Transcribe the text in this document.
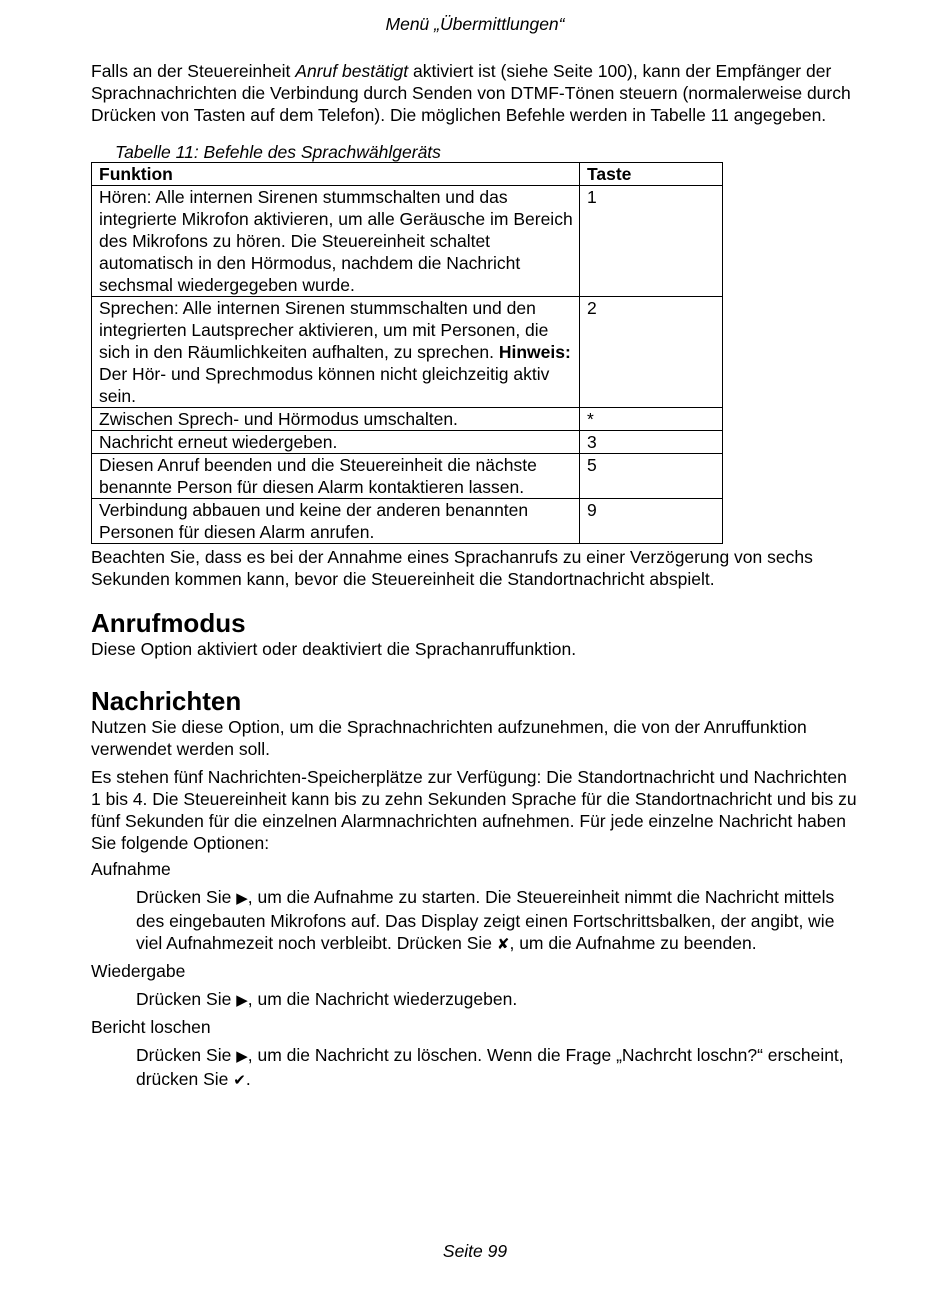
Menü „Übermittlungen“

Falls an der Steuereinheit Anruf bestätigt aktiviert ist (siehe Seite 100), kann der Empfänger der Sprachnachrichten die Verbindung durch Senden von DTMF-Tönen steuern (normalerweise durch Drücken von Tasten auf dem Telefon). Die möglichen Befehle werden in Tabelle 11 angegeben.

Tabelle 11: Befehle des Sprachwählgeräts
Funktion	Taste
Hören: Alle internen Sirenen stummschalten und das integrierte Mikrofon aktivieren, um alle Geräusche im Bereich des Mikrofons zu hören. Die Steuereinheit schaltet automatisch in den Hörmodus, nachdem die Nachricht sechsmal wiedergegeben wurde.	1
Sprechen: Alle internen Sirenen stummschalten und den integrierten Lautsprecher aktivieren, um mit Personen, die sich in den Räumlichkeiten aufhalten, zu sprechen. Hinweis: Der Hör- und Sprechmodus können nicht gleichzeitig aktiv sein.	2
Zwischen Sprech- und Hörmodus umschalten.	*
Nachricht erneut wiedergeben.	3
Diesen Anruf beenden und die Steuereinheit die nächste benannte Person für diesen Alarm kontaktieren lassen.	5
Verbindung abbauen und keine der anderen benannten Personen für diesen Alarm anrufen.	9

Beachten Sie, dass es bei der Annahme eines Sprachanrufs zu einer Verzögerung von sechs Sekunden kommen kann, bevor die Steuereinheit die Standortnachricht abspielt.

Anrufmodus

Diese Option aktiviert oder deaktiviert die Sprachanruffunktion.

Nachrichten

Nutzen Sie diese Option, um die Sprachnachrichten aufzunehmen, die von der Anruffunktion verwendet werden soll.

Es stehen fünf Nachrichten-Speicherplätze zur Verfügung: Die Standortnachricht und Nachrichten 1 bis 4. Die Steuereinheit kann bis zu zehn Sekunden Sprache für die Standortnachricht und bis zu fünf Sekunden für die einzelnen Alarmnachrichten aufnehmen. Für jede einzelne Nachricht haben Sie folgende Optionen:

Aufnahme

Drücken Sie ▶, um die Aufnahme zu starten. Die Steuereinheit nimmt die Nachricht mittels des eingebauten Mikrofons auf. Das Display zeigt einen Fortschrittsbalken, der angibt, wie viel Aufnahmezeit noch verbleibt. Drücken Sie ✘, um die Aufnahme zu beenden.

Wiedergabe

Drücken Sie ▶, um die Nachricht wiederzugeben.

Bericht loschen

Drücken Sie ▶, um die Nachricht zu löschen. Wenn die Frage „Nachrcht loschn?“ erscheint, drücken Sie ✔.

Seite 99
